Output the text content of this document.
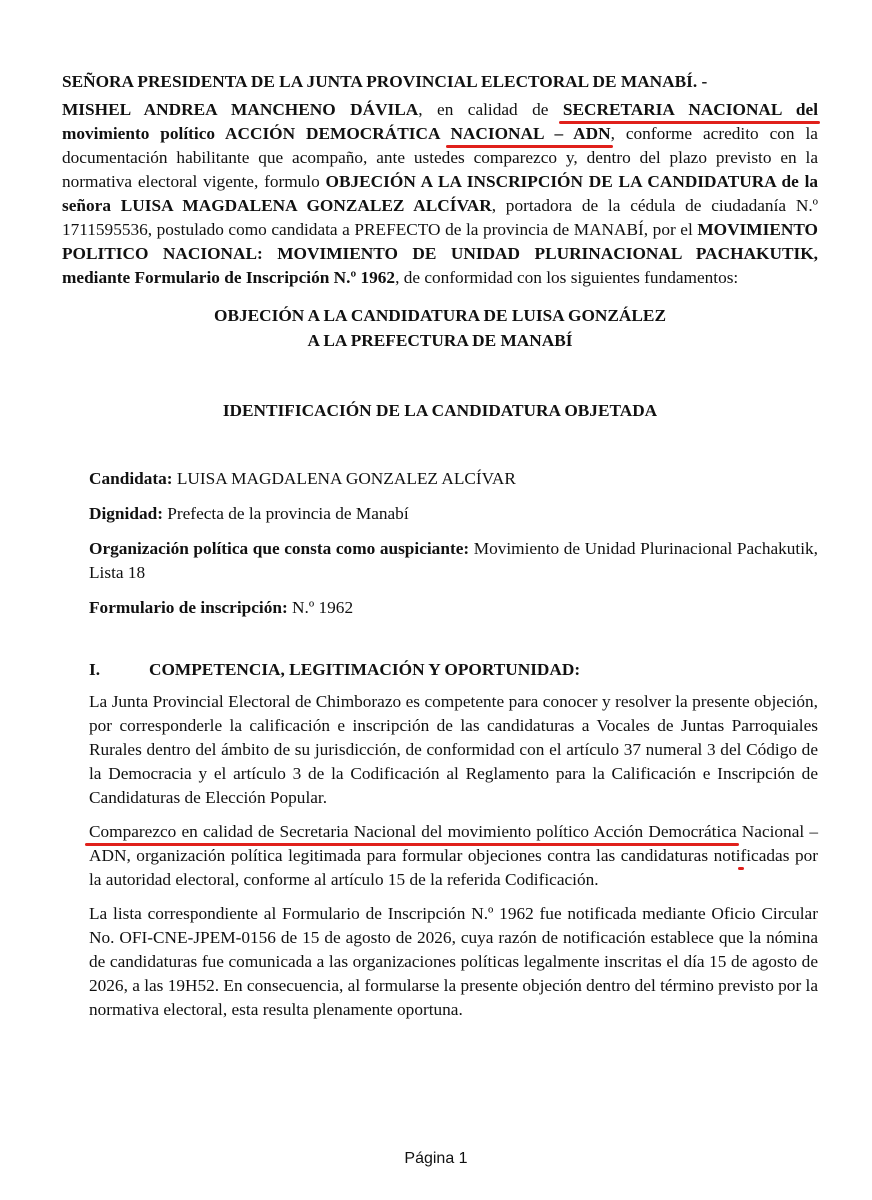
SEÑORA PRESIDENTA DE LA JUNTA PROVINCIAL ELECTORAL DE MANABÍ. -

MISHEL ANDREA MANCHENO DÁVILA, en calidad de SECRETARIA NACIONAL del movimiento político ACCIÓN DEMOCRÁTICA NACIONAL – ADN, conforme acredito con la documentación habilitante que acompaño, ante ustedes comparezco y, dentro del plazo previsto en la normativa electoral vigente, formulo OBJECIÓN A LA INSCRIPCIÓN DE LA CANDIDATURA de la señora LUISA MAGDALENA GONZALEZ ALCÍVAR, portadora de la cédula de ciudadanía N.º 1711595536, postulado como candidata a PREFECTO de la provincia de MANABÍ, por el MOVIMIENTO POLITICO NACIONAL: MOVIMIENTO DE UNIDAD PLURINACIONAL PACHAKUTIK, mediante Formulario de Inscripción N.º 1962, de conformidad con los siguientes fundamentos:

OBJECIÓN A LA CANDIDATURA DE LUISA GONZÁLEZ

A LA PREFECTURA DE MANABÍ

IDENTIFICACIÓN DE LA CANDIDATURA OBJETADA

Candidata: LUISA MAGDALENA GONZALEZ ALCÍVAR

Dignidad: Prefecta de la provincia de Manabí

Organización política que consta como auspiciante: Movimiento de Unidad Plurinacional Pachakutik, Lista 18

Formulario de inscripción: N.º 1962

I.	COMPETENCIA, LEGITIMACIÓN Y OPORTUNIDAD:

La Junta Provincial Electoral de Chimborazo es competente para conocer y resolver la presente objeción, por corresponderle la calificación e inscripción de las candidaturas a Vocales de Juntas Parroquiales Rurales dentro del ámbito de su jurisdicción, de conformidad con el artículo 37 numeral 3 del Código de la Democracia y el artículo 3 de la Codificación al Reglamento para la Calificación e Inscripción de Candidaturas de Elección Popular.

Comparezco en calidad de Secretaria Nacional del movimiento político Acción Democrática Nacional – ADN, organización política legitimada para formular objeciones contra las candidaturas notificadas por la autoridad electoral, conforme al artículo 15 de la referida Codificación.

La lista correspondiente al Formulario de Inscripción N.º 1962 fue notificada mediante Oficio Circular No. OFI-CNE-JPEM-0156 de 15 de agosto de 2026, cuya razón de notificación establece que la nómina de candidaturas fue comunicada a las organizaciones políticas legalmente inscritas el día 15 de agosto de 2026, a las 19H52. En consecuencia, al formularse la presente objeción dentro del término previsto por la normativa electoral, esta resulta plenamente oportuna.

Página 1
